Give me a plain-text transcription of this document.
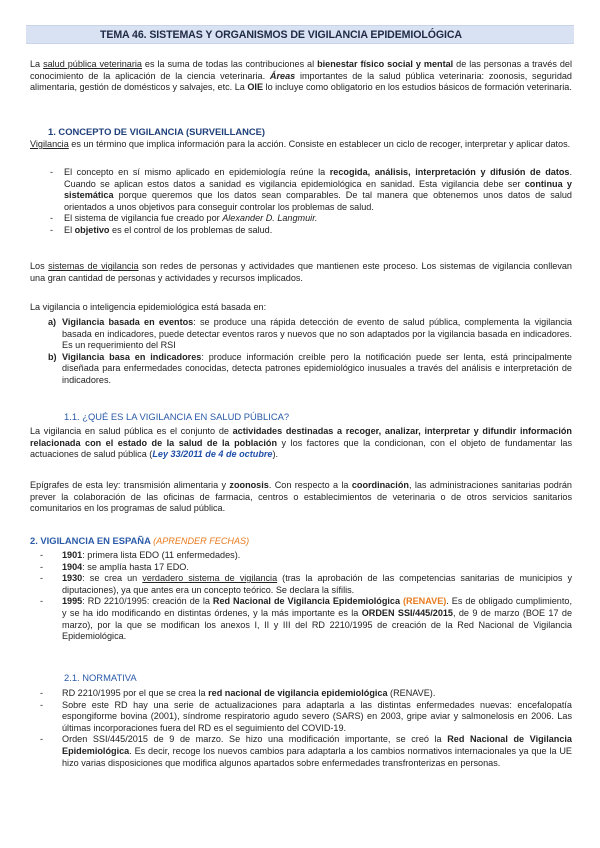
TEMA 46. SISTEMAS Y ORGANISMOS DE VIGILANCIA EPIDEMIOLÓGICA
La salud pública veterinaria es la suma de todas las contribuciones al bienestar físico social y mental de las personas a través del conocimiento de la aplicación de la ciencia veterinaria. Áreas importantes de la salud pública veterinaria: zoonosis, seguridad alimentaria, gestión de domésticos y salvajes, etc. La OIE lo incluye como obligatorio en los estudios básicos de formación veterinaria.
1. CONCEPTO DE VIGILANCIA (SURVEILLANCE)
Vigilancia es un término que implica información para la acción. Consiste en establecer un ciclo de recoger, interpretar y aplicar datos.
- El concepto en sí mismo aplicado en epidemiología reúne la recogida, análisis, interpretación y difusión de datos. Cuando se aplican estos datos a sanidad es vigilancia epidemiológica en sanidad. Esta vigilancia debe ser continua y sistemática porque queremos que los datos sean comparables. De tal manera que obtenemos unos datos de salud orientados a unos objetivos para conseguir controlar los problemas de salud.
- El sistema de vigilancia fue creado por Alexander D. Langmuir.
- El objetivo es el control de los problemas de salud.
Los sistemas de vigilancia son redes de personas y actividades que mantienen este proceso. Los sistemas de vigilancia conllevan una gran cantidad de personas y actividades y recursos implicados.
La vigilancia o inteligencia epidemiológica está basada en:
a) Vigilancia basada en eventos: se produce una rápida detección de evento de salud pública, complementa la vigilancia basada en indicadores, puede detectar eventos raros y nuevos que no son adaptados por la vigilancia basada en indicadores. Es un requerimiento del RSI
b) Vigilancia basa en indicadores: produce información creíble pero la notificación puede ser lenta, está principalmente diseñada para enfermedades conocidas, detecta patrones epidemiológico inusuales a través del análisis e interpretación de indicadores.
1.1. ¿QUÉ ES LA VIGILANCIA EN SALUD PÚBLICA?
La vigilancia en salud pública es el conjunto de actividades destinadas a recoger, analizar, interpretar y difundir información relacionada con el estado de la salud de la población y los factores que la condicionan, con el objeto de fundamentar las actuaciones de salud pública (Ley 33/2011 de 4 de octubre).
Epígrafes de esta ley: transmisión alimentaria y zoonosis. Con respecto a la coordinación, las administraciones sanitarias podrán prever la colaboración de las oficinas de farmacia, centros o establecimientos de veterinaria o de otros servicios sanitarios comunitarios en los programas de salud pública.
2. VIGILANCIA EN ESPAÑA (APRENDER FECHAS)
- 1901: primera lista EDO (11 enfermedades).
- 1904: se amplía hasta 17 EDO.
- 1930: se crea un verdadero sistema de vigilancia (tras la aprobación de las competencias sanitarias de municipios y diputaciones), ya que antes era un concepto teórico. Se declara la sífilis.
- 1995: RD 2210/1995: creación de la Red Nacional de Vigilancia Epidemiológica (RENAVE). Es de obligado cumplimiento, y se ha ido modificando en distintas órdenes, y la más importante es la ORDEN SSI/445/2015, de 9 de marzo (BOE 17 de marzo), por la que se modifican los anexos I, II y III del RD 2210/1995 de creación de la Red Nacional de Vigilancia Epidemiológica.
2.1. NORMATIVA
- RD 2210/1995 por el que se crea la red nacional de vigilancia epidemiológica (RENAVE).
- Sobre este RD hay una serie de actualizaciones para adaptarla a las distintas enfermedades nuevas: encefalopatía espongiforme bovina (2001), síndrome respiratorio agudo severo (SARS) en 2003, gripe aviar y salmonelosis en 2006. Las últimas incorporaciones fuera del RD es el seguimiento del COVID-19.
- Orden SSI/445/2015 de 9 de marzo. Se hizo una modificación importante, se creó la Red Nacional de Vigilancia Epidemiológica. Es decir, recoge los nuevos cambios para adaptarla a los cambios normativos internacionales ya que la UE hizo varias disposiciones que modifica algunos apartados sobre enfermedades transfronterizas en personas.
